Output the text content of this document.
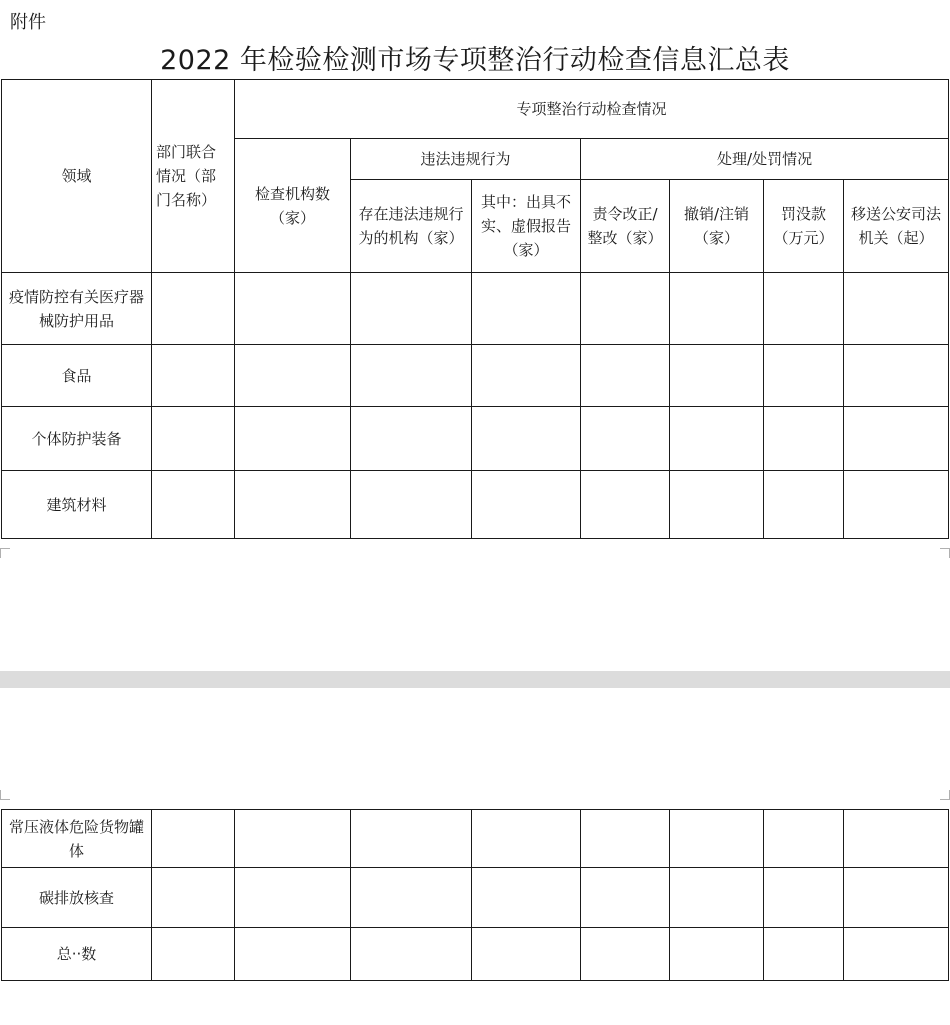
附件
2022 年检验检测市场专项整治行动检查信息汇总表
领域	部门联合情况（部门名称）	专项整治行动检查情况						
		检查机构数（家）	违法违规行为		处理/处罚情况			
			存在违法违规行为的机构（家）	其中：出具不实、虚假报告（家）	责令改正/整改（家）	撤销/注销（家）	罚没款（万元）	移送公安司法机关（起）
疫情防控有关医疗器械防护用品								
食品								
个体防护装备								
建筑材料								
常压液体危险货物罐体								
碳排放核查								
总··数								
